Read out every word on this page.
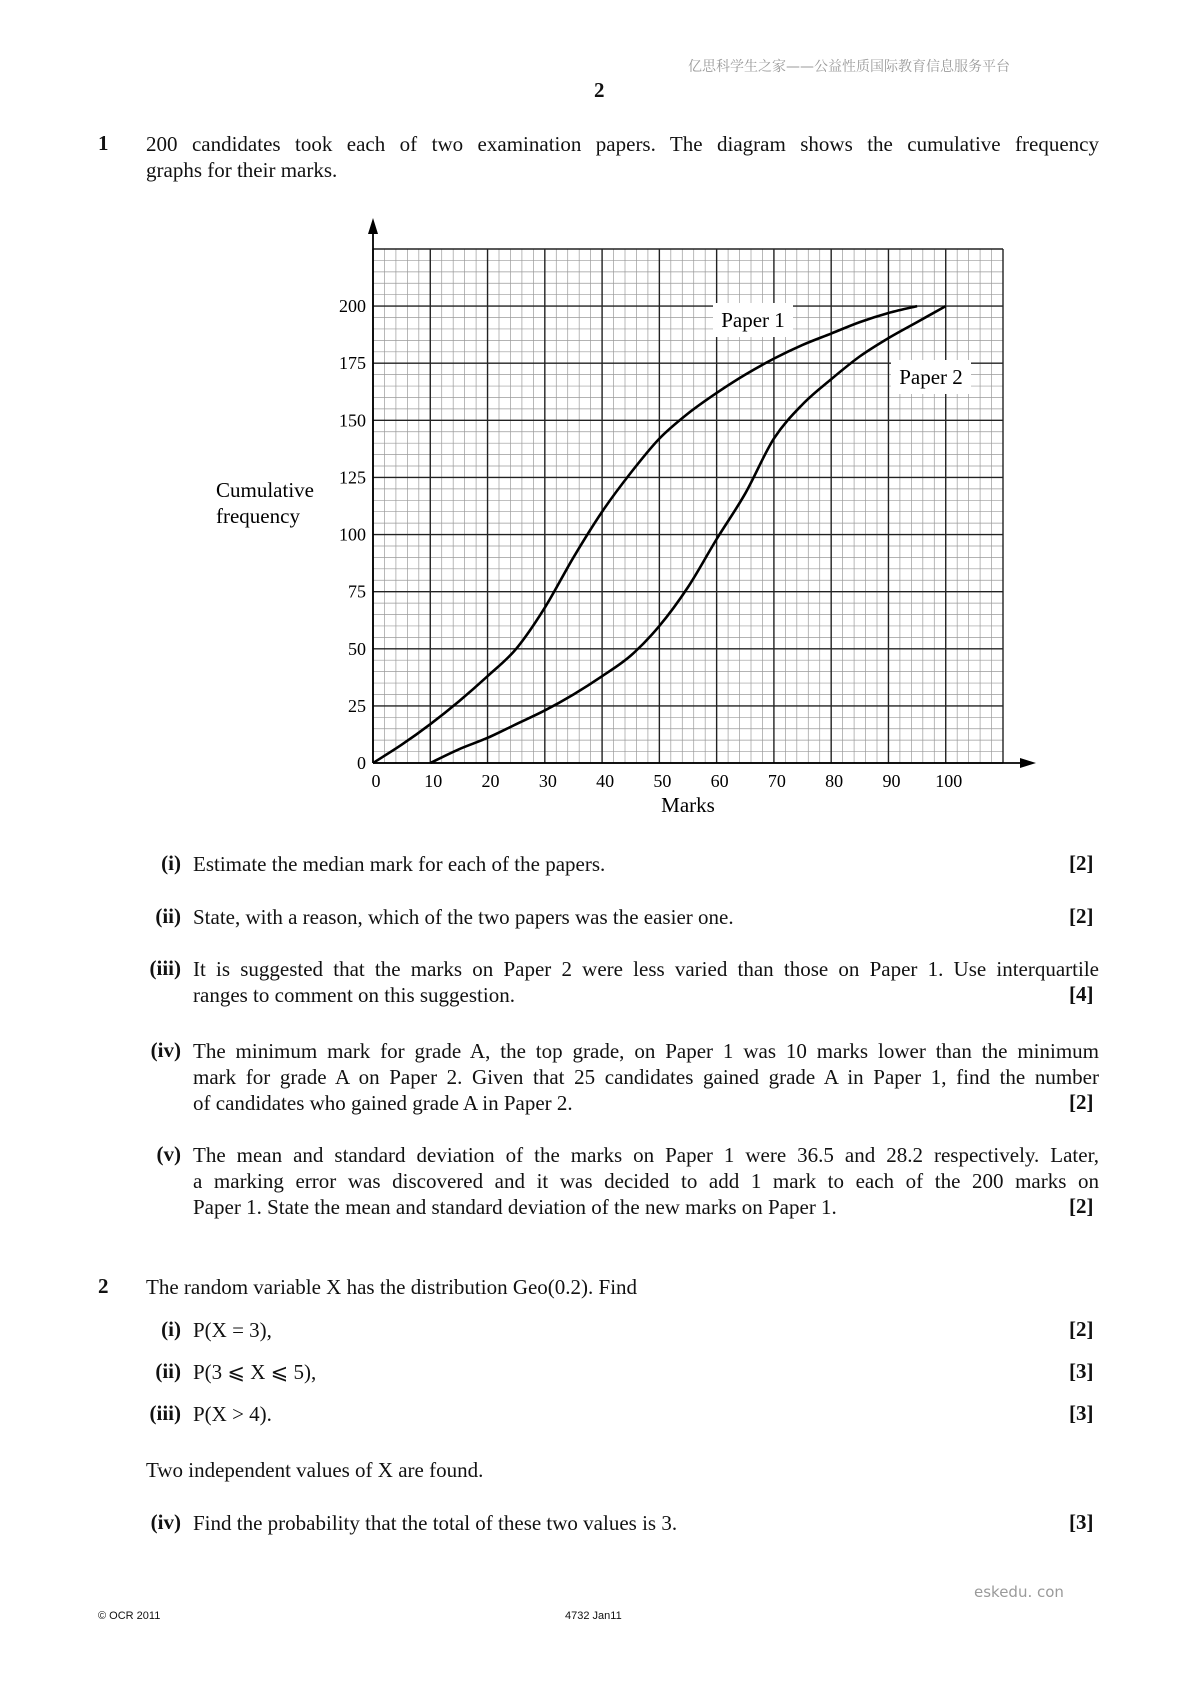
亿思科学生之家——公益性质国际教育信息服务平台
2
1 200 candidates took each of two examination papers. The diagram shows the cumulative frequency
graphs for their marks.
0 10 20 30 40 50 60 70 80 90 100
0
25
50
75
100
125
150
175
200
Paper 1
Paper 2
Marks
Cumulative
frequency
(i) Estimate the median mark for each of the papers.	[2]
(ii) State, with a reason, which of the two papers was the easier one.	[2]
(iii) It is suggested that the marks on Paper 2 were less varied than those on Paper 1. Use interquartile
ranges to comment on this suggestion.	[4]
(iv) The minimum mark for grade A, the top grade, on Paper 1 was 10 marks lower than the minimum
mark for grade A on Paper 2. Given that 25 candidates gained grade A in Paper 1, find the number
of candidates who gained grade A in Paper 2.	[2]
(v) The mean and standard deviation of the marks on Paper 1 were 36.5 and 28.2 respectively. Later,
a marking error was discovered and it was decided to add 1 mark to each of the 200 marks on
Paper 1. State the mean and standard deviation of the new marks on Paper 1.	[2]
2 The random variable X has the distribution Geo(0.2). Find
(i) P(X = 3),	[2]
(ii) P(3 ⩽ X ⩽ 5),	[3]
(iii) P(X > 4).	[3]
Two independent values of X are found.
(iv) Find the probability that the total of these two values is 3.	[3]
eskedu. con
© OCR 2011	4732 Jan11
